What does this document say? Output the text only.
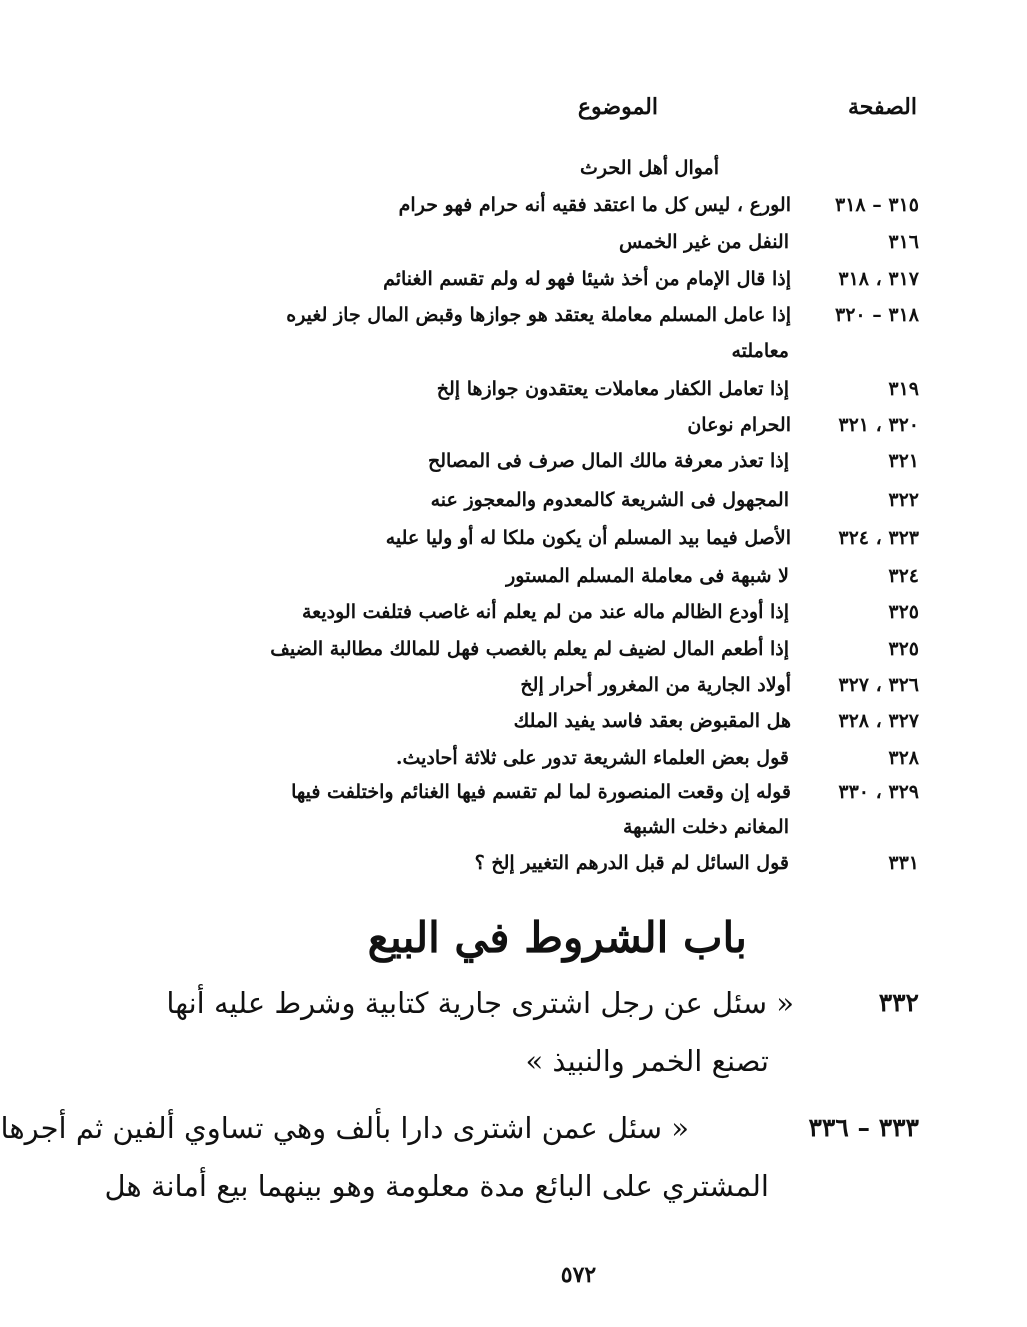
الصفحة
الموضوع
أموال أهل الحرث
٣١٥ – ٣١٨
الورع ، ليس كل ما اعتقد فقيه أنه حرام فهو حرام
٣١٦
النفل من غير الخمس
٣١٧ ، ٣١٨
إذا قال الإمام من أخذ شيئا فهو له ولم تقسم الغنائم
٣١٨ – ٣٢٠
إذا عامل المسلم معاملة يعتقد هو جوازها وقبض المال جاز لغيره
معاملته
٣١٩
إذا تعامل الكفار معاملات يعتقدون جوازها إلخ
٣٢٠ ، ٣٢١
الحرام نوعان
٣٢١
إذا تعذر معرفة مالك المال صرف فى المصالح
٣٢٢
المجهول فى الشريعة كالمعدوم والمعجوز عنه
٣٢٣ ، ٣٢٤
الأصل فيما بيد المسلم أن يكون ملكا له أو وليا عليه
٣٢٤
لا شبهة فى معاملة المسلم المستور
٣٢٥
إذا أودع الظالم ماله عند من لم يعلم أنه غاصب فتلفت الوديعة
٣٢٥
إذا أطعم المال لضيف لم يعلم بالغصب فهل للمالك مطالبة الضيف
٣٢٦ ، ٣٢٧
أولاد الجارية من المغرور أحرار إلخ
٣٢٧ ، ٣٢٨
هل المقبوض بعقد فاسد يفيد الملك
٣٢٨
قول بعض العلماء الشريعة تدور على ثلاثة أحاديث.
٣٢٩ ، ٣٣٠
قوله إن وقعت المنصورة لما لم تقسم فيها الغنائم واختلفت فيها
المغانم دخلت الشبهة
٣٣١
قول السائل لم قبل الدرهم التغيير إلخ ؟
باب الشروط في البيع
٣٣٢
« سئل عن رجل اشترى جارية كتابية وشرط عليه أنها
تصنع الخمر والنبيذ »
٣٣٣ – ٣٣٦
« سئل عمن اشترى دارا بألف وهي تساوي ألفين ثم أجرها
المشتري على البائع مدة معلومة وهو بينهما بيع أمانة هل
٥٧٢
